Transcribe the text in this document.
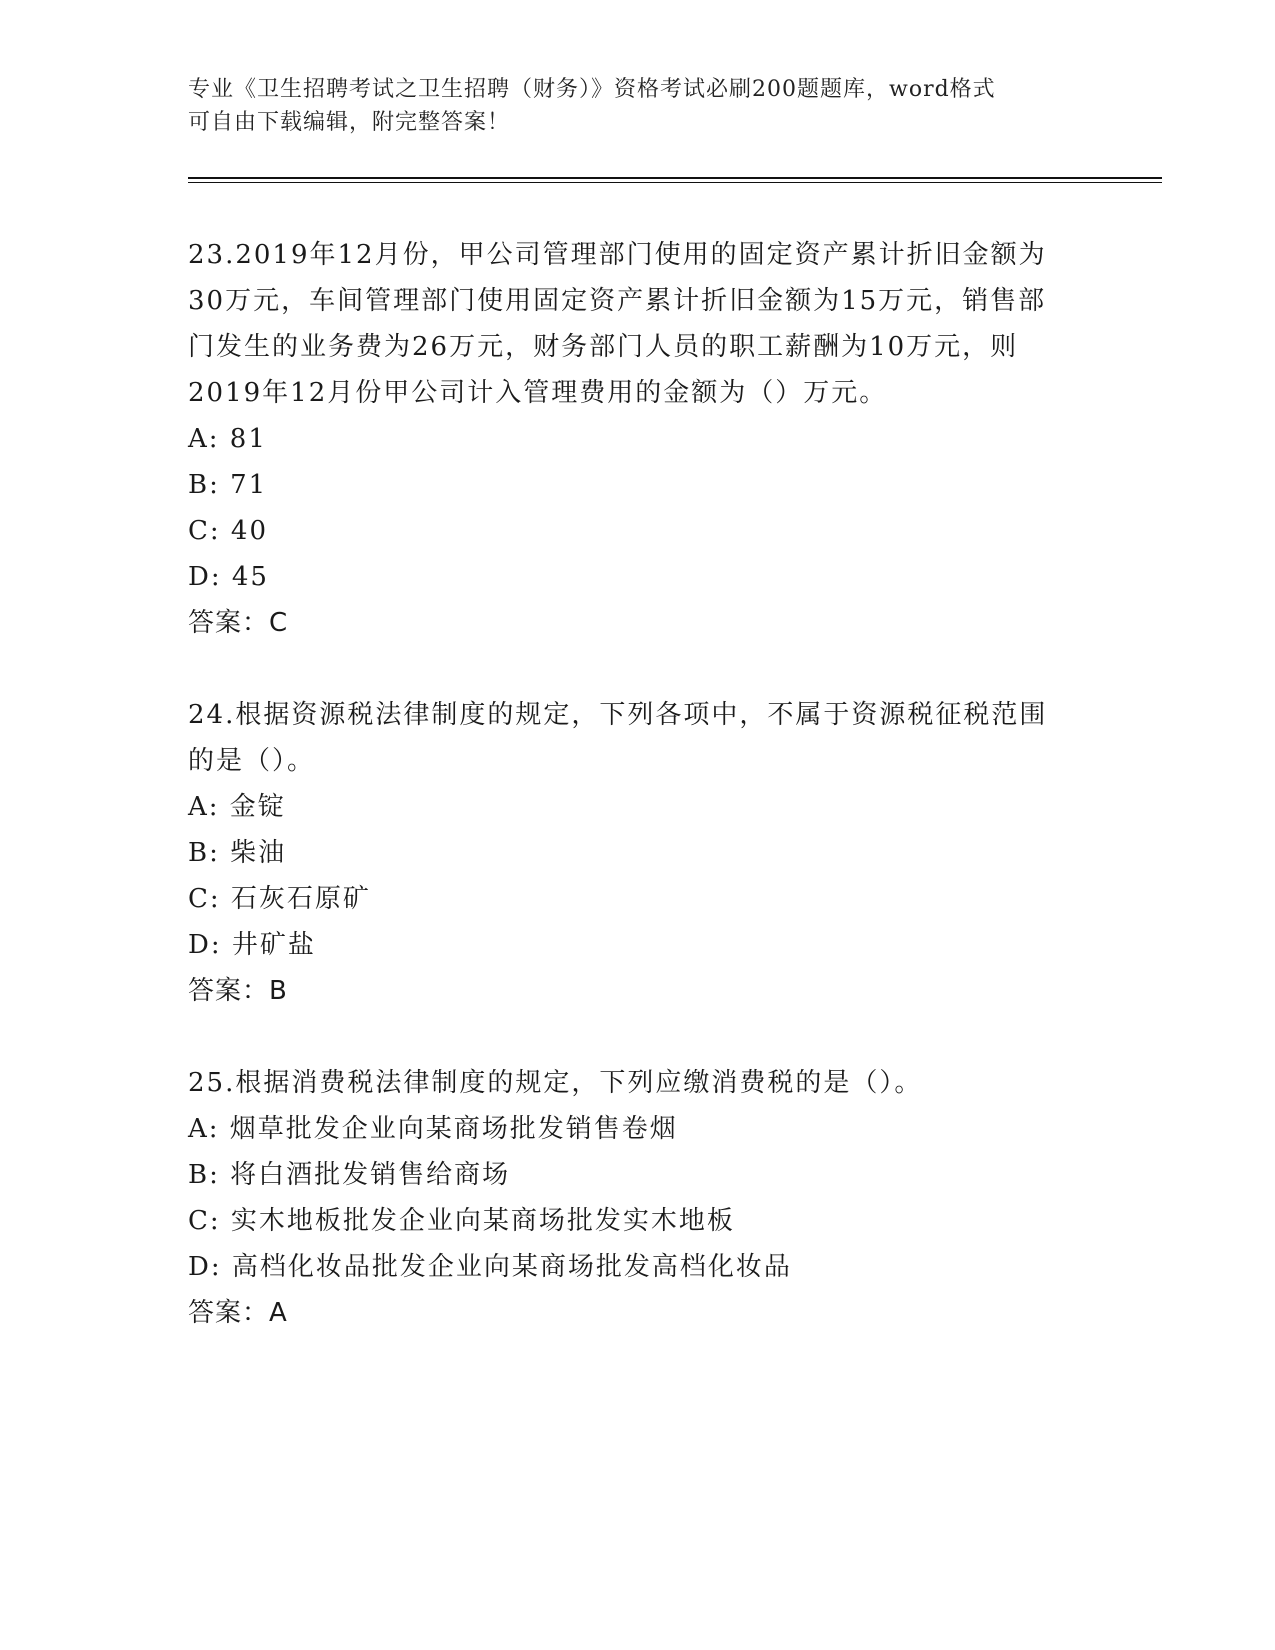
专业《卫生招聘考试之卫生招聘（财务）》资格考试必刷200题题库，word格式
可自由下载编辑，附完整答案！
23.2019年12月份，甲公司管理部门使用的固定资产累计折旧金额为
30万元，车间管理部门使用固定资产累计折旧金额为15万元，销售部
门发生的业务费为26万元，财务部门人员的职工薪酬为10万元，则
2019年12月份甲公司计入管理费用的金额为（）万元。
A: 81
B: 71
C: 40
D: 45
答案：C
24.根据资源税法律制度的规定，下列各项中，不属于资源税征税范围
的是（）。
A: 金锭
B: 柴油
C: 石灰石原矿
D: 井矿盐
答案：B
25.根据消费税法律制度的规定，下列应缴消费税的是（）。
A: 烟草批发企业向某商场批发销售卷烟
B: 将白酒批发销售给商场
C: 实木地板批发企业向某商场批发实木地板
D: 高档化妆品批发企业向某商场批发高档化妆品
答案：A
